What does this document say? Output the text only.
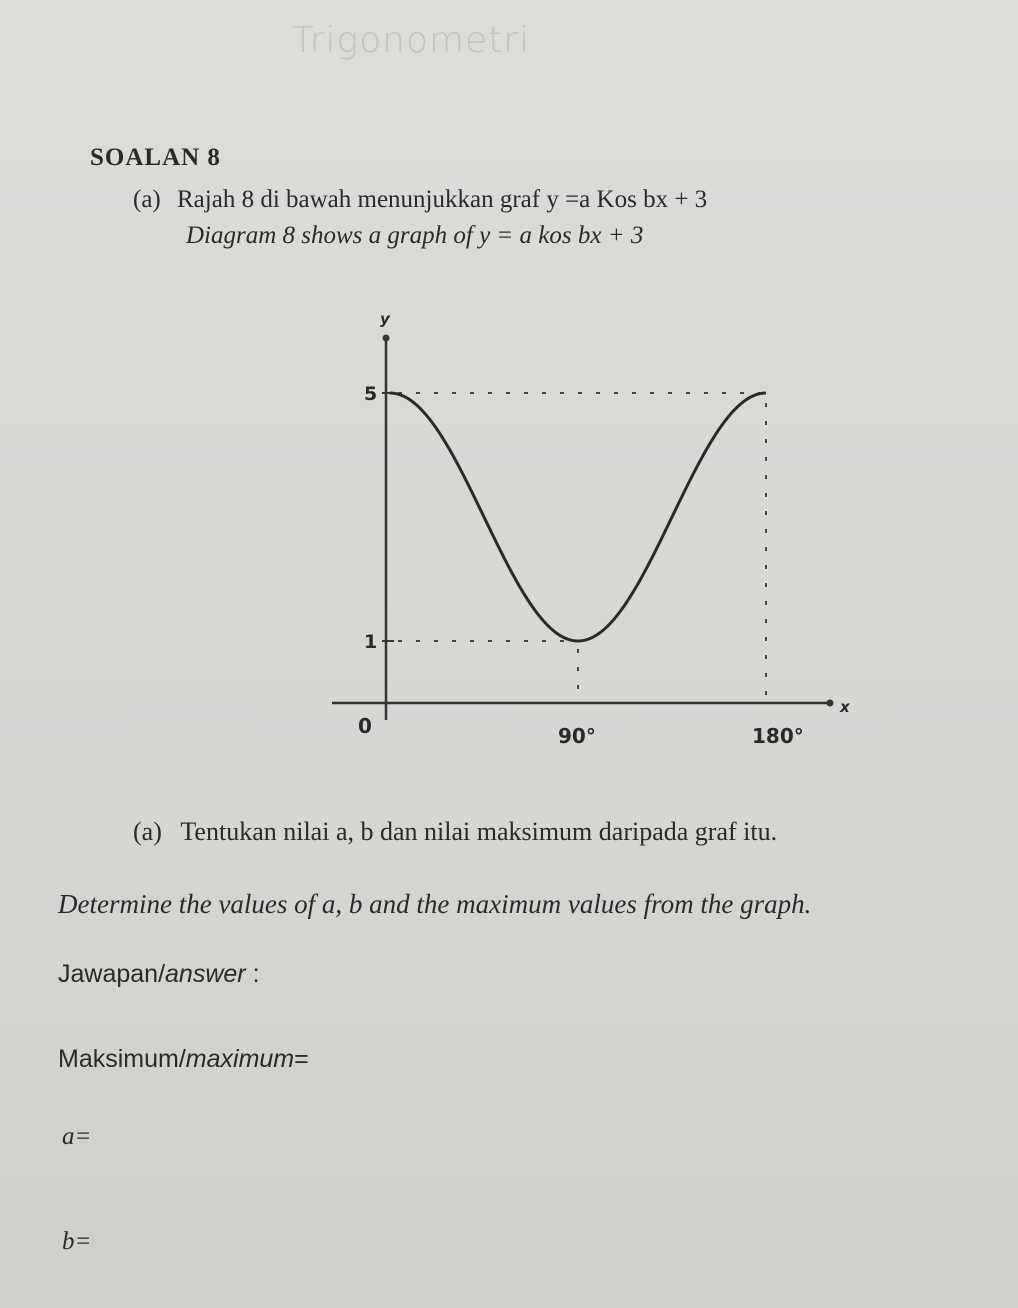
Trigonometri
SOALAN 8
(a) Rajah 8 di bawah menunjukkan graf y =a Kos bx + 3
Diagram 8 shows a graph of y = a kos bx + 3
y
x
5
1
0	90°	180°
(a) Tentukan nilai a, b dan nilai maksimum daripada graf itu.
Determine the values of a, b and the maximum values from the graph.
Jawapan/answer :
Maksimum/maximum=
a=
b=
